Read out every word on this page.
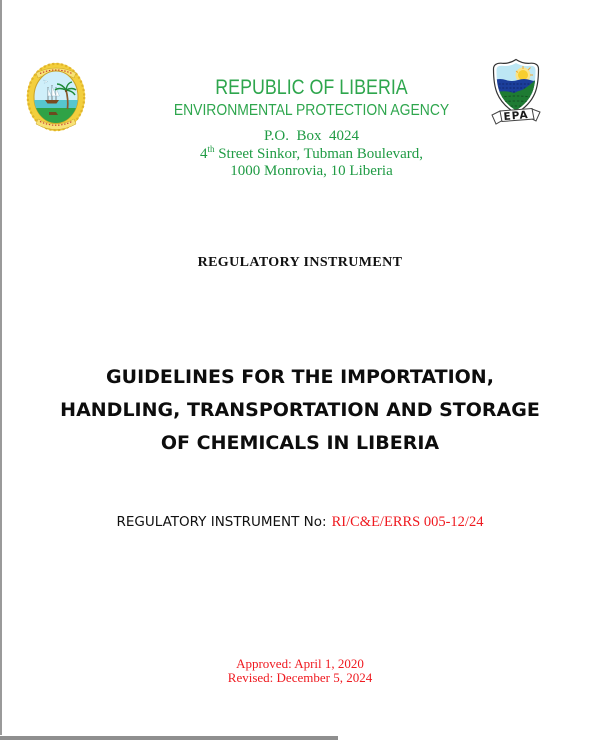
EPA
REPUBLIC OF LIBERIA
ENVIRONMENTAL PROTECTION AGENCY
P.O.  Box  4024
4th Street Sinkor, Tubman Boulevard,
1000 Monrovia, 10 Liberia
REGULATORY INSTRUMENT
GUIDELINES FOR THE IMPORTATION,
HANDLING, TRANSPORTATION AND STORAGE
OF CHEMICALS IN LIBERIA
REGULATORY INSTRUMENT No: RI/C&E/ERRS 005-12/24
Approved: April 1, 2020
Revised: December 5, 2024
